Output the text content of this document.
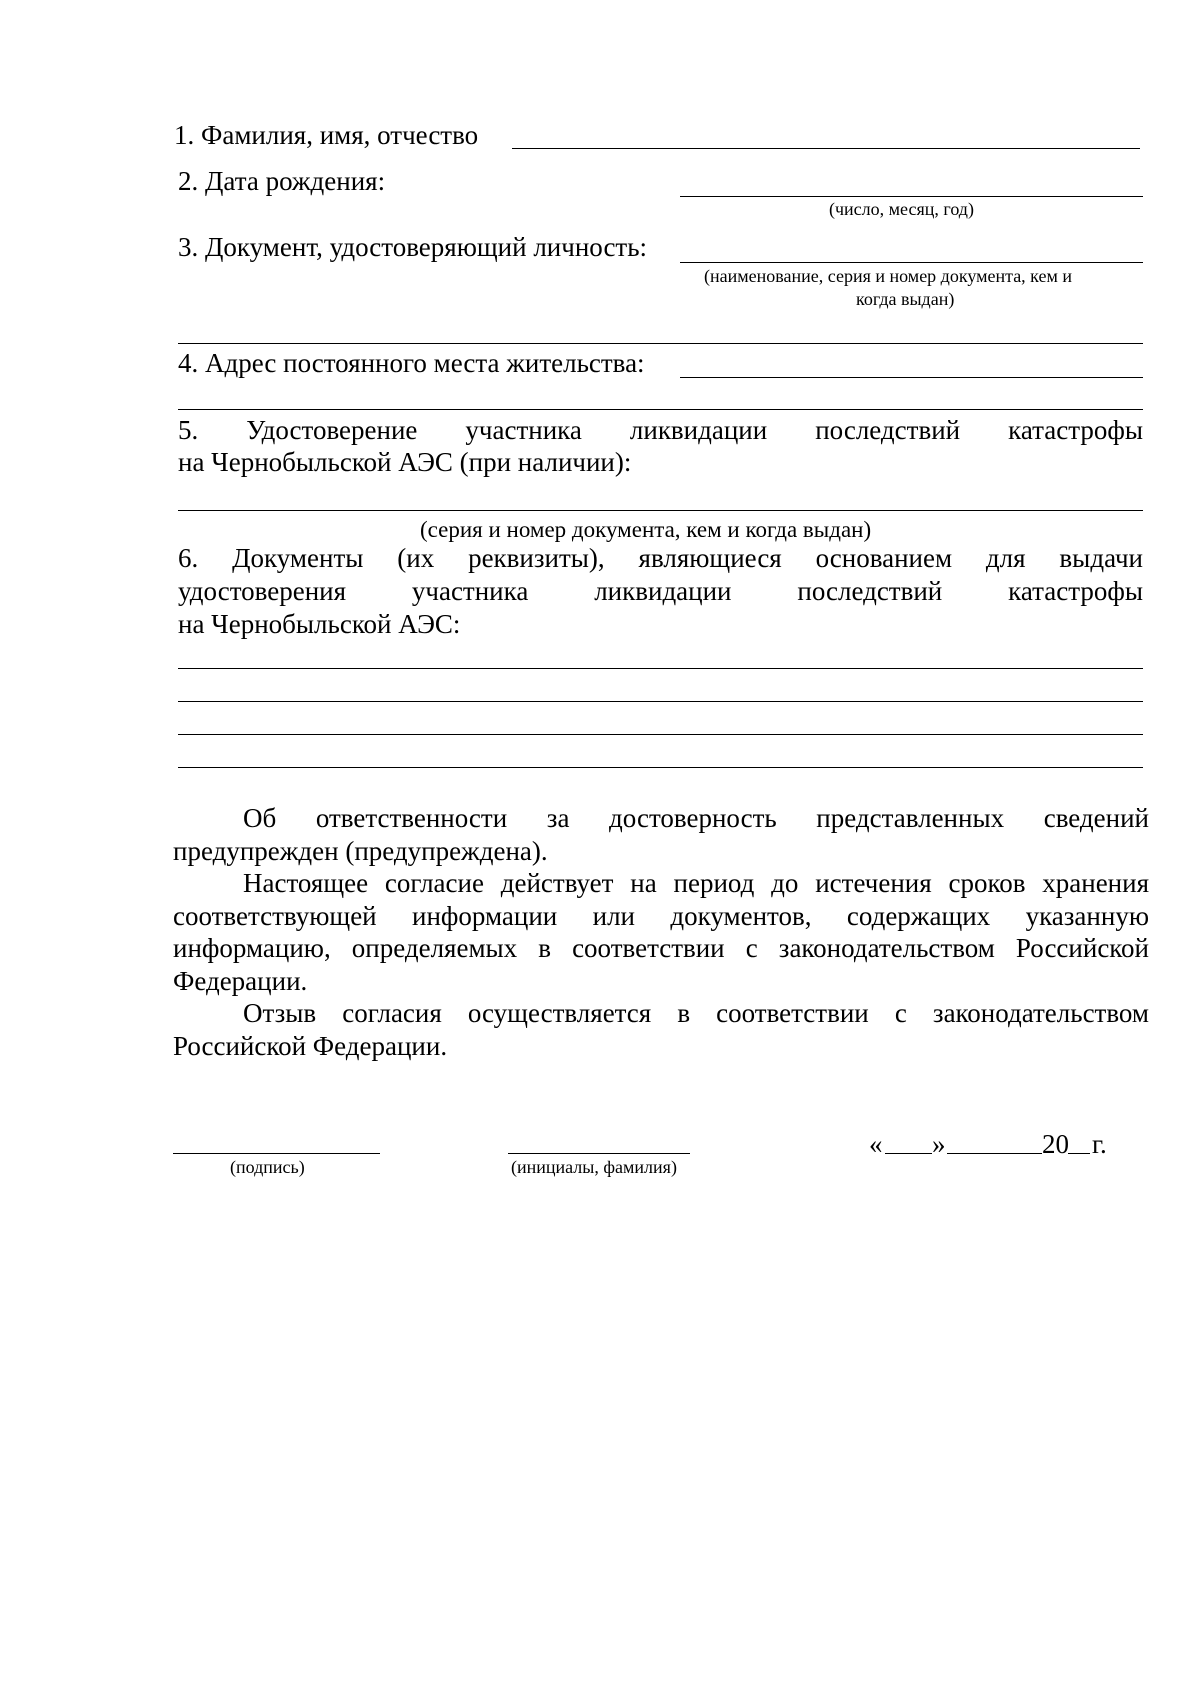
1. Фамилия, имя, отчество
2. Дата рождения:
(число, месяц, год)
3. Документ, удостоверяющий личность:
(наименование, серия и номер документа, кем и
когда выдан)
4. Адрес постоянного места жительства:
5. Удостоверение участника ликвидации последствий катастрофы
на Чернобыльской АЭС (при наличии):
(серия и номер документа, кем и когда выдан)
6. Документы (их реквизиты), являющиеся основанием для выдачи
удостоверения участника ликвидации последствий катастрофы
на Чернобыльской АЭС:

Об ответственности за достоверность представленных сведений предупрежден (предупреждена).

Настоящее согласие действует на период до истечения сроков хранения соответствующей информации или документов, содержащих указанную информацию, определяемых в соответствии с законодательством Российской Федерации.

Отзыв согласия осуществляется в соответствии с законодательством Российской Федерации.

(подпись)	(инициалы, фамилия)
« »	20 г.
